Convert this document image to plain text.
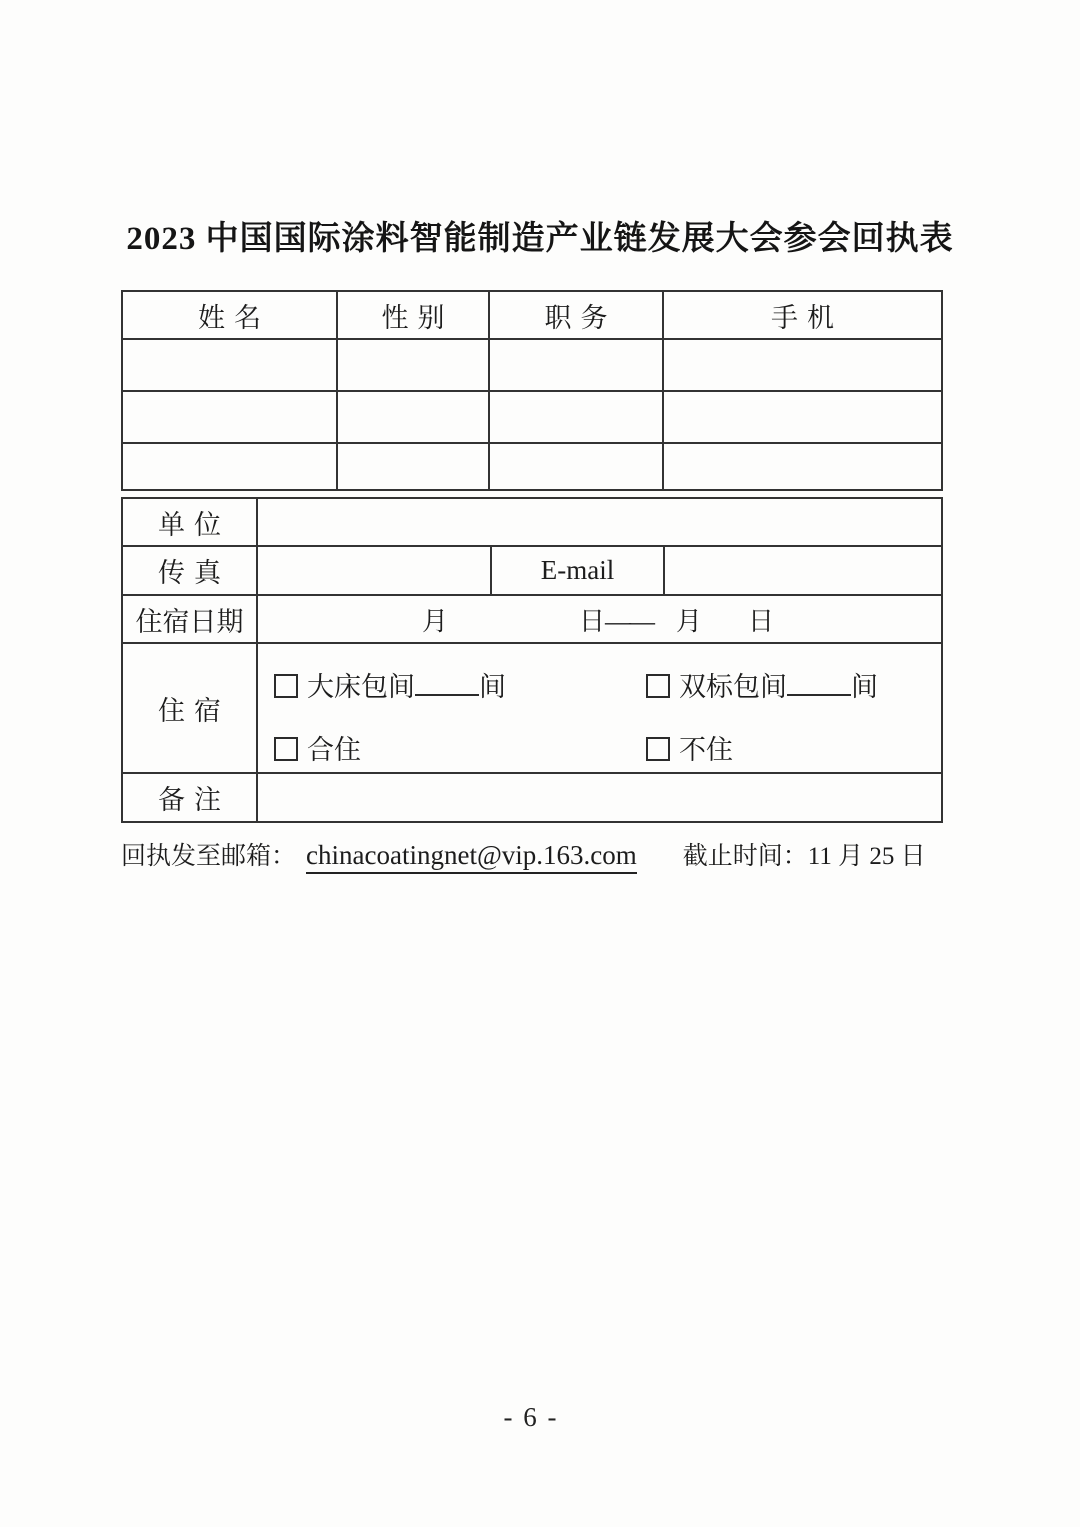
2023 中国国际涂料智能制造产业链发展大会参会回执表
姓名	性别	职务	手机

单位			
传真		E-mail	
住宿日期	月 日—— 月 日		
住宿	大床包间 间 双标包间 间
合住 不住		

备注			
回执发至邮箱： chinacoatingnet@vip.163.com 截止时间：11 月 25 日
- 6 -
